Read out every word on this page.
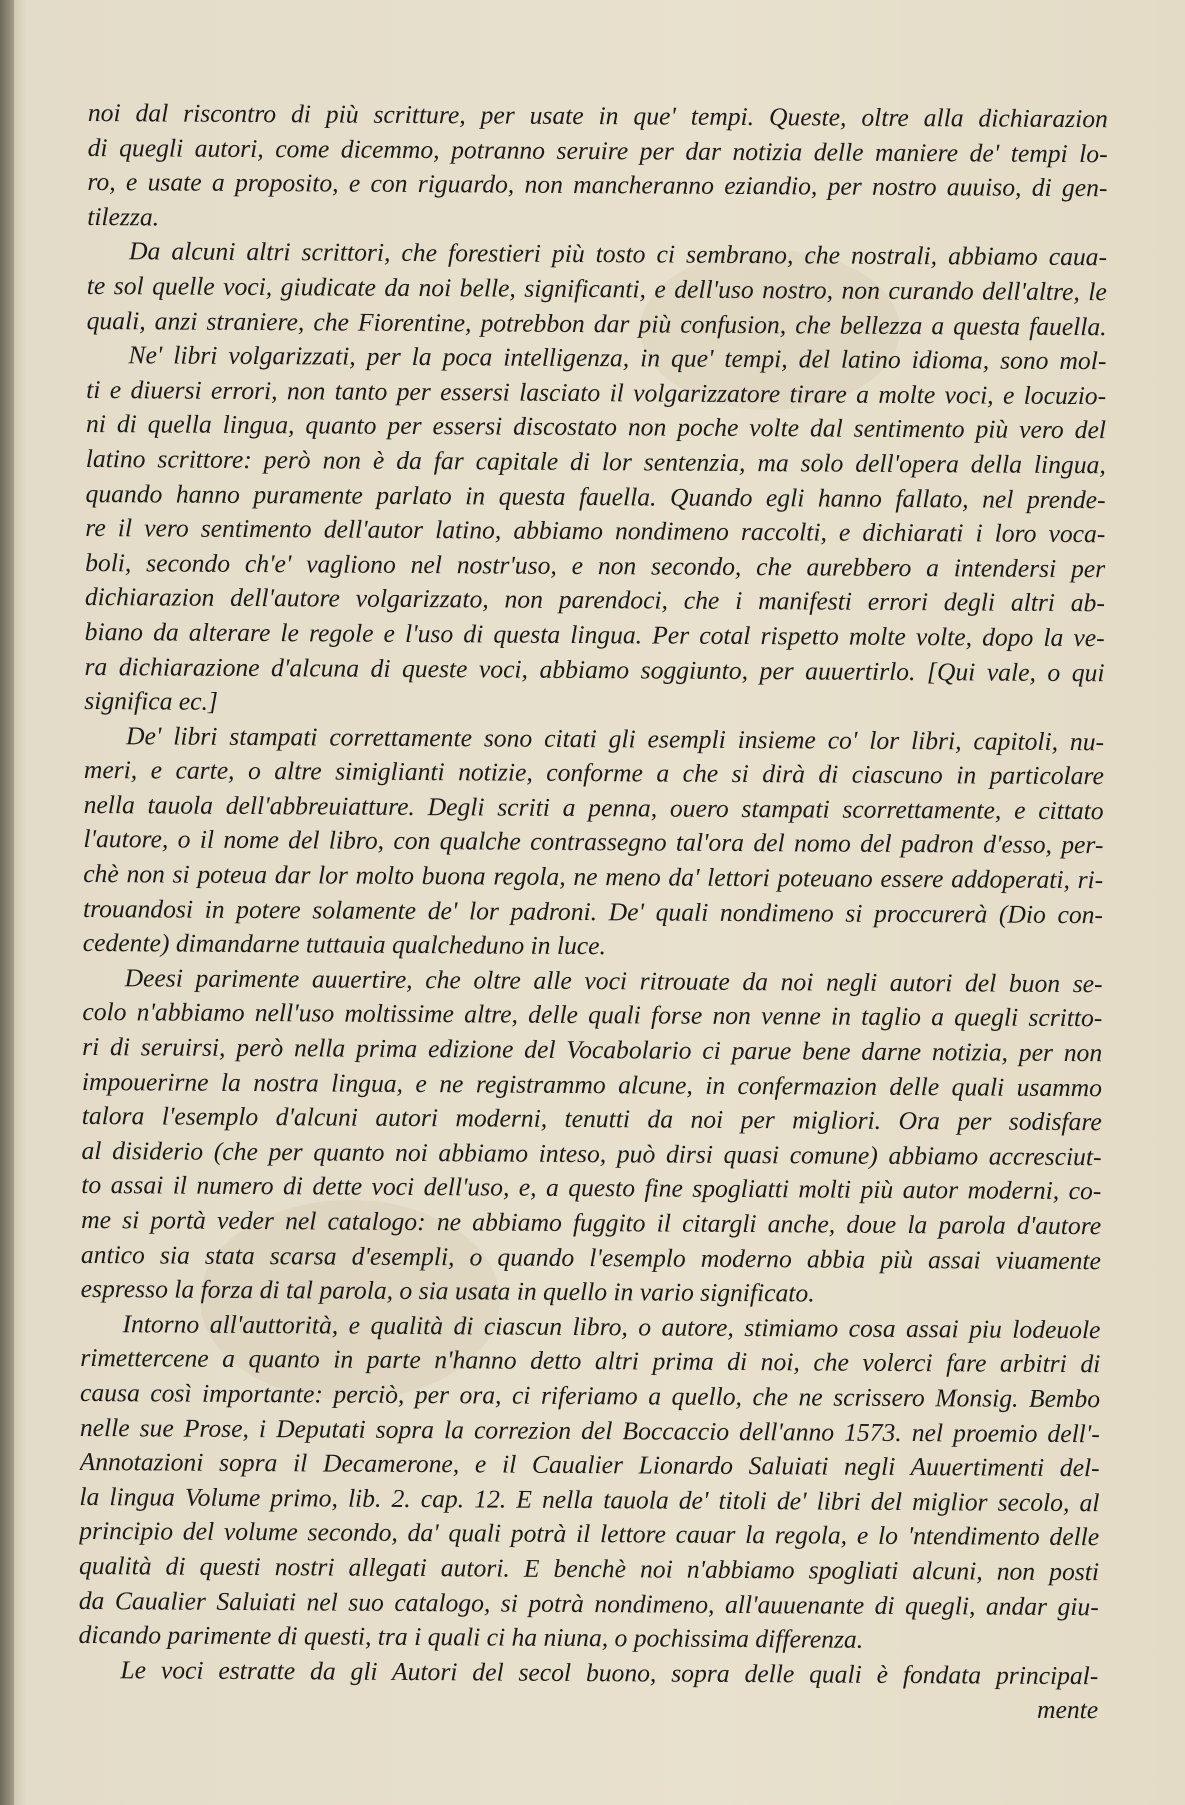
noi dal riscontro di più scritture, per usate in que' tempi. Queste, oltre alla dichiarazion
di quegli autori, come dicemmo, potranno seruire per dar notizia delle maniere de' tempi lo-
ro, e usate a proposito, e con riguardo, non mancheranno eziandio, per nostro auuiso, di gen-
tilezza.
Da alcuni altri scrittori, che forestieri più tosto ci sembrano, che nostrali, abbiamo caua-
te sol quelle voci, giudicate da noi belle, significanti, e dell'uso nostro, non curando dell'altre, le
quali, anzi straniere, che Fiorentine, potrebbon dar più confusion, che bellezza a questa fauella.
Ne' libri volgarizzati, per la poca intelligenza, in que' tempi, del latino idioma, sono mol-
ti e diuersi errori, non tanto per essersi lasciato il volgarizzatore tirare a molte voci, e locuzio-
ni di quella lingua, quanto per essersi discostato non poche volte dal sentimento più vero del
latino scrittore: però non è da far capitale di lor sentenzia, ma solo dell'opera della lingua,
quando hanno puramente parlato in questa fauella. Quando egli hanno fallato, nel prende-
re il vero sentimento dell'autor latino, abbiamo nondimeno raccolti, e dichiarati i loro voca-
boli, secondo ch'e' vagliono nel nostr'uso, e non secondo, che aurebbero a intendersi per
dichiarazion dell'autore volgarizzato, non parendoci, che i manifesti errori degli altri ab-
biano da alterare le regole e l'uso di questa lingua. Per cotal rispetto molte volte, dopo la ve-
ra dichiarazione d'alcuna di queste voci, abbiamo soggiunto, per auuertirlo. [Qui vale, o qui
significa ec.]
De' libri stampati correttamente sono citati gli esempli insieme co' lor libri, capitoli, nu-
meri, e carte, o altre simiglianti notizie, conforme a che si dirà di ciascuno in particolare
nella tauola dell'abbreuiatture. Degli scriti a penna, ouero stampati scorrettamente, e cittato
l'autore, o il nome del libro, con qualche contrassegno tal'ora del nomo del padron d'esso, per-
chè non si poteua dar lor molto buona regola, ne meno da' lettori poteuano essere addoperati, ri-
trouandosi in potere solamente de' lor padroni. De' quali nondimeno si proccurerà (Dio con-
cedente) dimandarne tuttauia qualcheduno in luce.
Deesi parimente auuertire, che oltre alle voci ritrouate da noi negli autori del buon se-
colo n'abbiamo nell'uso moltissime altre, delle quali forse non venne in taglio a quegli scritto-
ri di seruirsi, però nella prima edizione del Vocabolario ci parue bene darne notizia, per non
impouerirne la nostra lingua, e ne registrammo alcune, in confermazion delle quali usammo
talora l'esemplo d'alcuni autori moderni, tenutti da noi per migliori. Ora per sodisfare
al disiderio (che per quanto noi abbiamo inteso, può dirsi quasi comune) abbiamo accresciut-
to assai il numero di dette voci dell'uso, e, a questo fine spogliatti molti più autor moderni, co-
me si portà veder nel catalogo: ne abbiamo fuggito il citargli anche, doue la parola d'autore
antico sia stata scarsa d'esempli, o quando l'esemplo moderno abbia più assai viuamente
espresso la forza di tal parola, o sia usata in quello in vario significato.
Intorno all'auttorità, e qualità di ciascun libro, o autore, stimiamo cosa assai piu lodeuole
rimettercene a quanto in parte n'hanno detto altri prima di noi, che volerci fare arbitri di
causa così importante: perciò, per ora, ci riferiamo a quello, che ne scrissero Monsig. Bembo
nelle sue Prose, i Deputati sopra la correzion del Boccaccio dell'anno 1573. nel proemio dell'-
Annotazioni sopra il Decamerone, e il Caualier Lionardo Saluiati negli Auuertimenti del-
la lingua Volume primo, lib. 2. cap. 12. E nella tauola de' titoli de' libri del miglior secolo, al
principio del volume secondo, da' quali potrà il lettore cauar la regola, e lo 'ntendimento delle
qualità di questi nostri allegati autori. E benchè noi n'abbiamo spogliati alcuni, non posti
da Caualier Saluiati nel suo catalogo, si potrà nondimeno, all'auuenante di quegli, andar giu-
dicando parimente di questi, tra i quali ci ha niuna, o pochissima differenza.
Le voci estratte da gli Autori del secol buono, sopra delle quali è fondata principal-
mente
